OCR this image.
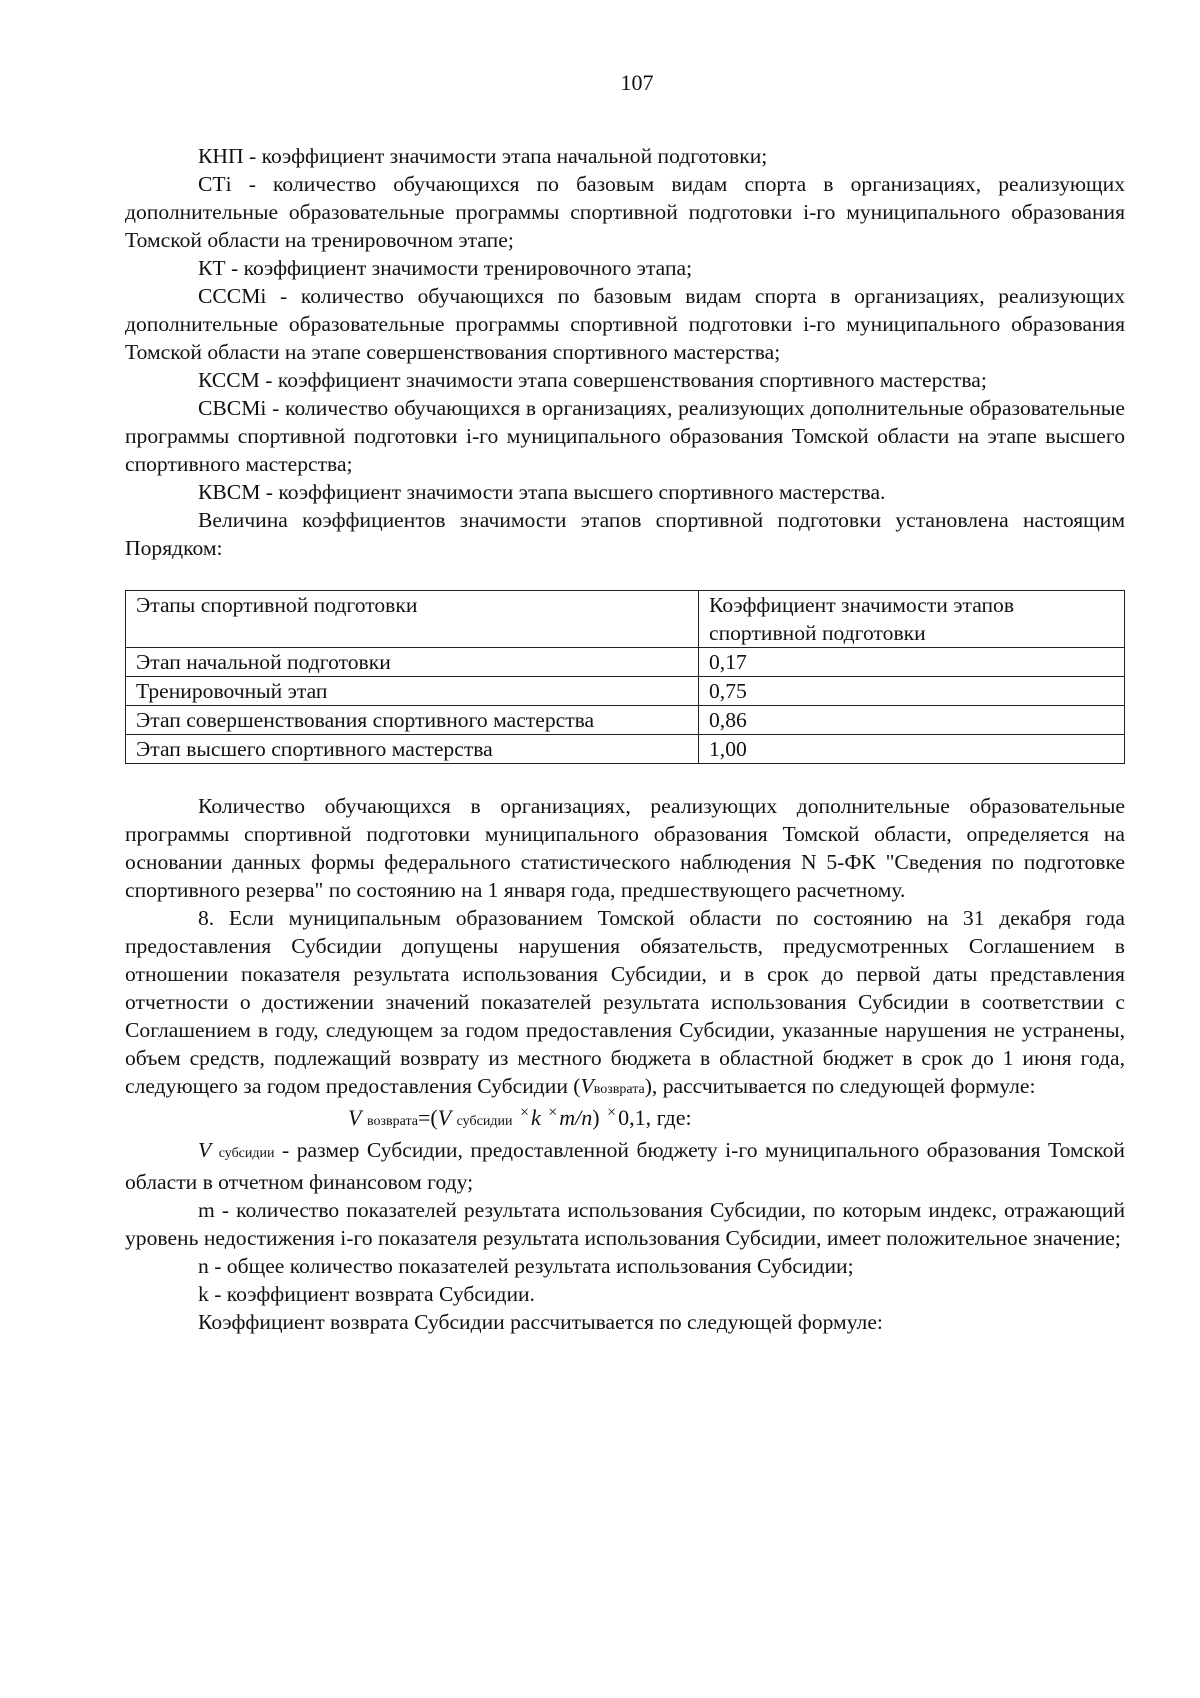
107

КНП - коэффициент значимости этапа начальной подготовки;

СТi - количество обучающихся по базовым видам спорта в организациях, реализующих дополнительные образовательные программы спортивной подготовки i-го муниципального образования Томской области на тренировочном этапе;

КТ - коэффициент значимости тренировочного этапа;

СССМi - количество обучающихся по базовым видам спорта в организациях, реализующих дополнительные образовательные программы спортивной подготовки i-го муниципального образования Томской области на этапе совершенствования спортивного мастерства;

КССМ - коэффициент значимости этапа совершенствования спортивного мастерства;

СВСМi - количество обучающихся в организациях, реализующих дополнительные образовательные программы спортивной подготовки i-го муниципального образования Томской области на этапе высшего спортивного мастерства;

КВСМ - коэффициент значимости этапа высшего спортивного мастерства.

Величина коэффициентов значимости этапов спортивной подготовки установлена настоящим Порядком:

Этапы спортивной подготовки	Коэффициент значимости этапов спортивной подготовки
Этап начальной подготовки	0,17
Тренировочный этап	0,75
Этап совершенствования спортивного мастерства	0,86
Этап высшего спортивного мастерства	1,00

Количество обучающихся в организациях, реализующих дополнительные образовательные программы спортивной подготовки муниципального образования Томской области, определяется на основании данных формы федерального статистического наблюдения N 5-ФК "Сведения по подготовке спортивного резерва" по состоянию на 1 января года, предшествующего расчетному.

8. Если муниципальным образованием Томской области по состоянию на 31 декабря года предоставления Субсидии допущены нарушения обязательств, предусмотренных Соглашением в отношении показателя результата использования Субсидии, и в срок до первой даты представления отчетности о достижении значений показателей результата использования Субсидии в соответствии с Соглашением в году, следующем за годом предоставления Субсидии, указанные нарушения не устранены, объем средств, подлежащий возврату из местного бюджета в областной бюджет в срок до 1 июня года, следующего за годом предоставления Субсидии (Vвозврата), рассчитывается по следующей формуле:

V возврата=(V субсидии ×k ×m/n) ×0,1, где:

V субсидии - размер Субсидии, предоставленной бюджету i-го муниципального образования Томской области в отчетном финансовом году;

m - количество показателей результата использования Субсидии, по которым индекс, отражающий уровень недостижения i-го показателя результата использования Субсидии, имеет положительное значение;

n - общее количество показателей результата использования Субсидии;

k - коэффициент возврата Субсидии.

Коэффициент возврата Субсидии рассчитывается по следующей формуле:
